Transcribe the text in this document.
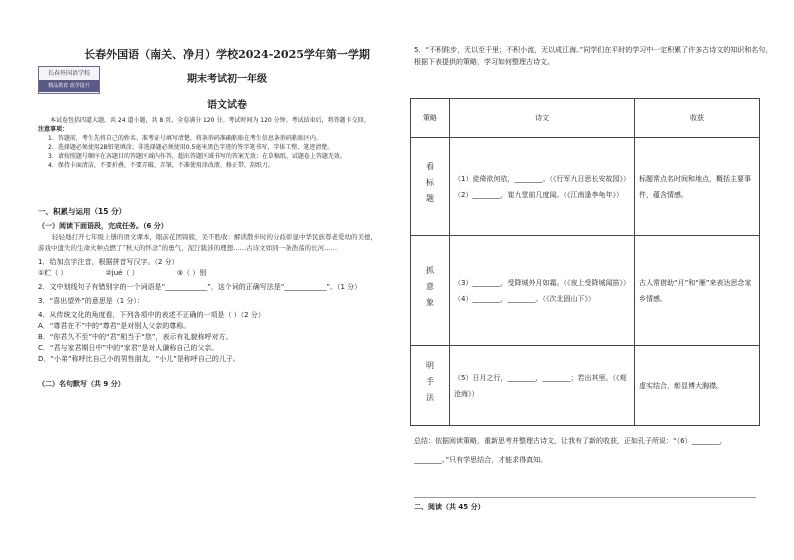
长春外国语学校
精品教育 改学提升
长春外国语（南关、净月）学校2024-2025学年第一学期
期末考试初一年级
语文试卷

本试卷包括四道大题，共 24 道小题，共 8 页。全卷满分 120 分。考试时间为 120 分钟。考试结束后，将答题卡交回。

注意事项：

1．答题前，考生先将自己的姓名、准考证号填写清楚，将条形码准确粘贴在考生信息条形码粘贴区内。

2．选择题必须使用2B铅笔填涂；非选择题必须使用0.5毫米黑色字迹的签字笔书写，字体工整、笔迹清楚。

3．请按照题号顺序在各题目的答题区域内作答，超出答题区域书写的答案无效；在草稿纸、试题卷上答题无效。

4．保持卡面清洁，不要折叠，不要弄破、弄皱，不准使用涂改液、修正带、刮纸刀。

一、积累与运用（15 分）
（一）阅读下面语段，完成任务。（6 分）

轻轻地打开七年级上册的语文课本，眼前花团锦簇，美不胜收：解读散步时的分歧彰显中华民族尊老爱幼的美德，游戏中遗失的生命火种点燃了“秋天的怀念”的勇气，泥泞跋涉的理想……古诗文如同一条浩荡的长河……

1．给加点字注音，根据拼音写汉字。（2 分）
①贮（ ）	②jué（ ）	③（ ）别
2．文中划线句子有错别字的一个词语是“____________”，这个词的正确写法是“____________”。（1 分）
3．“喜出望外”的意思是（1 分）：
4．从传统文化的角度看，下列各项中的表述不正确的一项是（ ）（2 分）
A．“尊君在不”中的“尊君”是对别人父亲的尊称。
B．“你君久不至”中的“君”相当于“您”，表示有礼貌称呼对方。
C．“君与家君期日中”中的“家君”是对人谦称自己的父亲。
D．“小弟”称呼比自己小的男性朋友，“小儿”是称呼自己的儿子。
（二）名句默写（共 9 分）
5．“不积跬步，无以至千里；不积小流，无以成江海。”同学们在平时的学习中一定积累了许多古诗文的知识和名句，根据下表提供的策略，学习如何整理古诗文。
策略	诗文	收获
看标题	（1）徒倚欲何依，________。（《行军九日思长安故园》）
（2）________，崔九堂前几度闻。（《江南逢李龟年》）	标题常点名时间和地点，概括主要事件，蕴含情感。
抓意象	（3）________，受降城外月如霜。（《夜上受降城闻笛》）
（4）________，________。（《次北固山下》）	古人常借助“月”和“雁”来表达思念家乡情感。
明手法	（5）日月之行，________，________；若出其里。（《观沧海》）	虚实结合，彰显博大胸襟。
总结：依据阅读策略，重新思考并整理古诗文，让我有了新的收获，正如孔子所说：“（6）________，________。”只有学思结合，才能求得真知。
二、阅读（共 45 分）
